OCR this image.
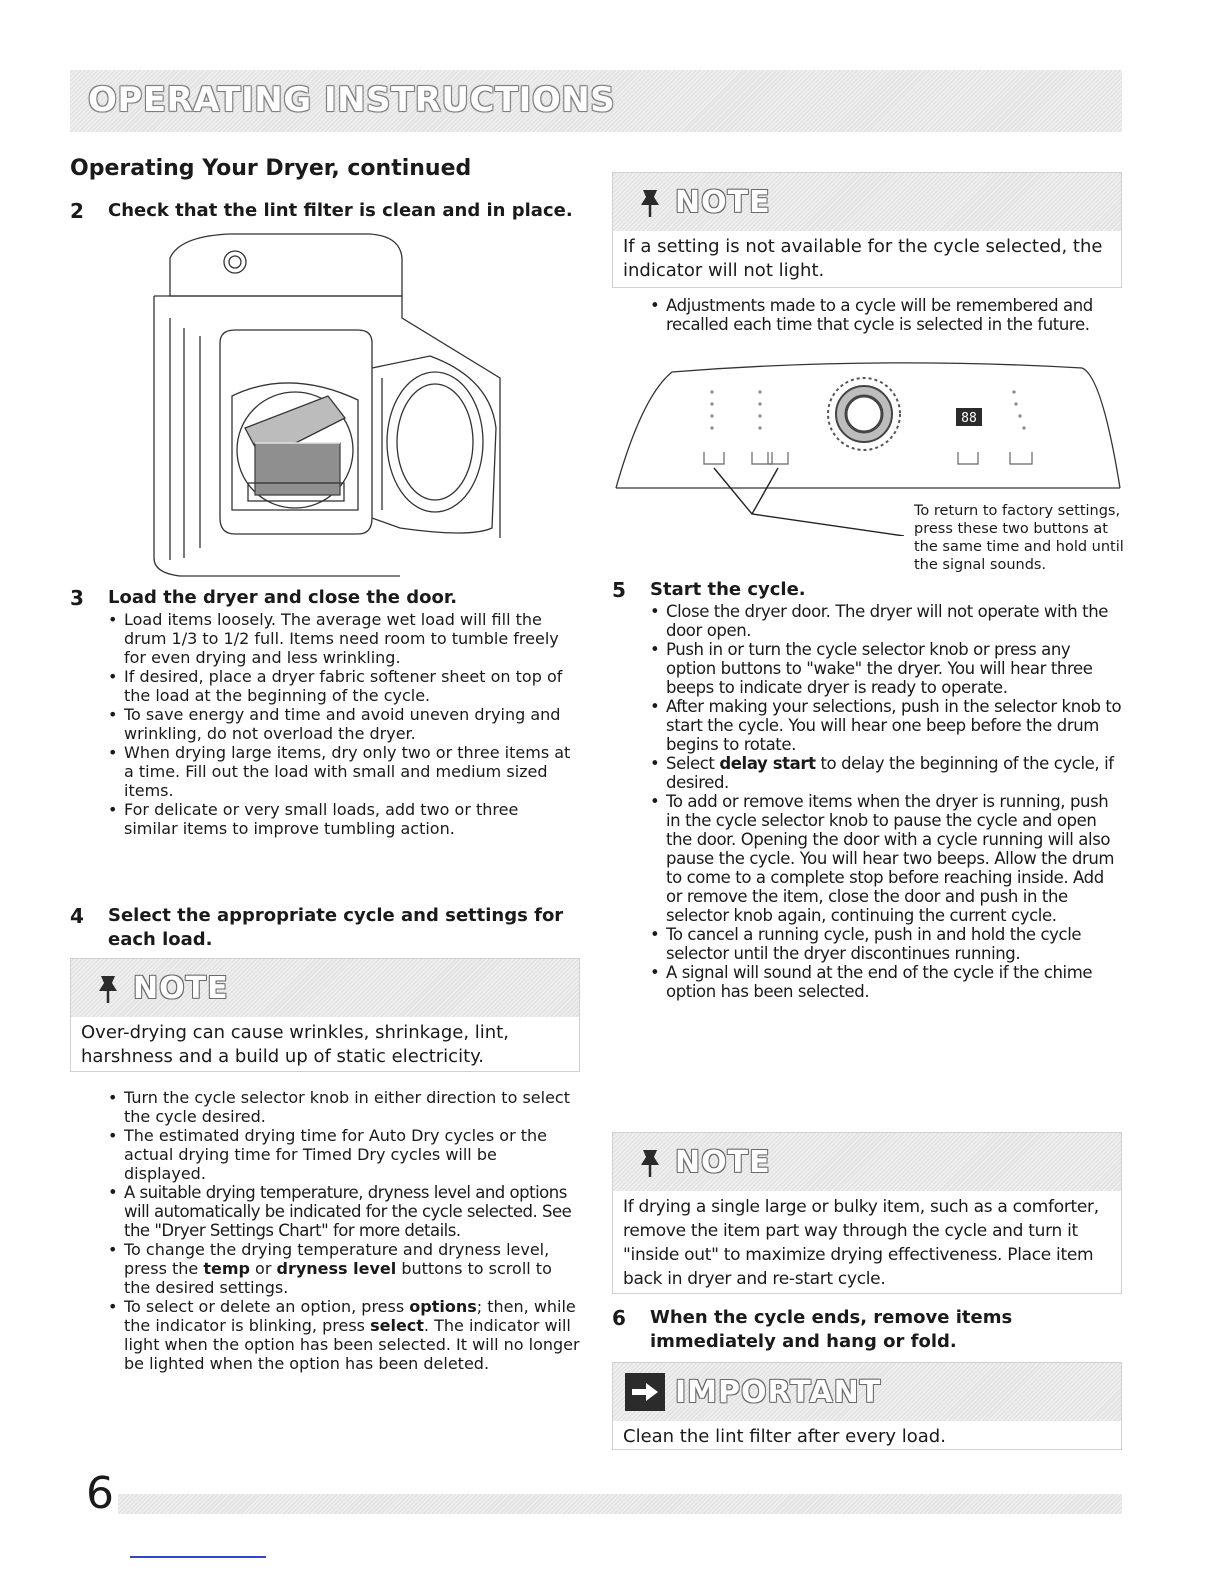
OPERATING INSTRUCTIONS
Operating Your Dryer, continued
2	Check that the lint filter is clean and in place.
3	Load the dryer and close the door.
• Load items loosely. The average wet load will fill the drum 1/3 to 1/2 full. Items need room to tumble freely for even drying and less wrinkling.
• If desired, place a dryer fabric softener sheet on top of the load at the beginning of the cycle.
• To save energy and time and avoid uneven drying and wrinkling, do not overload the dryer.
• When drying large items, dry only two or three items at a time. Fill out the load with small and medium sized items.
• For delicate or very small loads, add two or three similar items to improve tumbling action.
4	Select the appropriate cycle and settings for each load.
NOTE
Over-drying can cause wrinkles, shrinkage, lint, harshness and a build up of static electricity.
• Turn the cycle selector knob in either direction to select the cycle desired.
• The estimated drying time for Auto Dry cycles or the actual drying time for Timed Dry cycles will be displayed.
• A suitable drying temperature, dryness level and options will automatically be indicated for the cycle selected. See the "Dryer Settings Chart" for more details.
• To change the drying temperature and dryness level, press the temp or dryness level buttons to scroll to the desired settings.
• To select or delete an option, press options; then, while the indicator is blinking, press select. The indicator will light when the option has been selected. It will no longer be lighted when the option has been deleted.
NOTE
If a setting is not available for the cycle selected, the indicator will not light.
• Adjustments made to a cycle will be remembered and recalled each time that cycle is selected in the future.
88
To return to factory settings, press these two buttons at the same time and hold until the signal sounds.
5	Start the cycle.
• Close the dryer door. The dryer will not operate with the door open.
• Push in or turn the cycle selector knob or press any option buttons to "wake" the dryer. You will hear three beeps to indicate dryer is ready to operate.
• After making your selections, push in the selector knob to start the cycle. You will hear one beep before the drum begins to rotate.
• Select delay start to delay the beginning of the cycle, if desired.
• To add or remove items when the dryer is running, push in the cycle selector knob to pause the cycle and open the door. Opening the door with a cycle running will also pause the cycle. You will hear two beeps. Allow the drum to come to a complete stop before reaching inside. Add or remove the item, close the door and push in the selector knob again, continuing the current cycle.
• To cancel a running cycle, push in and hold the cycle selector until the dryer discontinues running.
• A signal will sound at the end of the cycle if the chime option has been selected.
NOTE
If drying a single large or bulky item, such as a comforter, remove the item part way through the cycle and turn it "inside out" to maximize drying effectiveness. Place item back in dryer and re-start cycle.
6	When the cycle ends, remove items immediately and hang or fold.
IMPORTANT
Clean the lint filter after every load.
6
